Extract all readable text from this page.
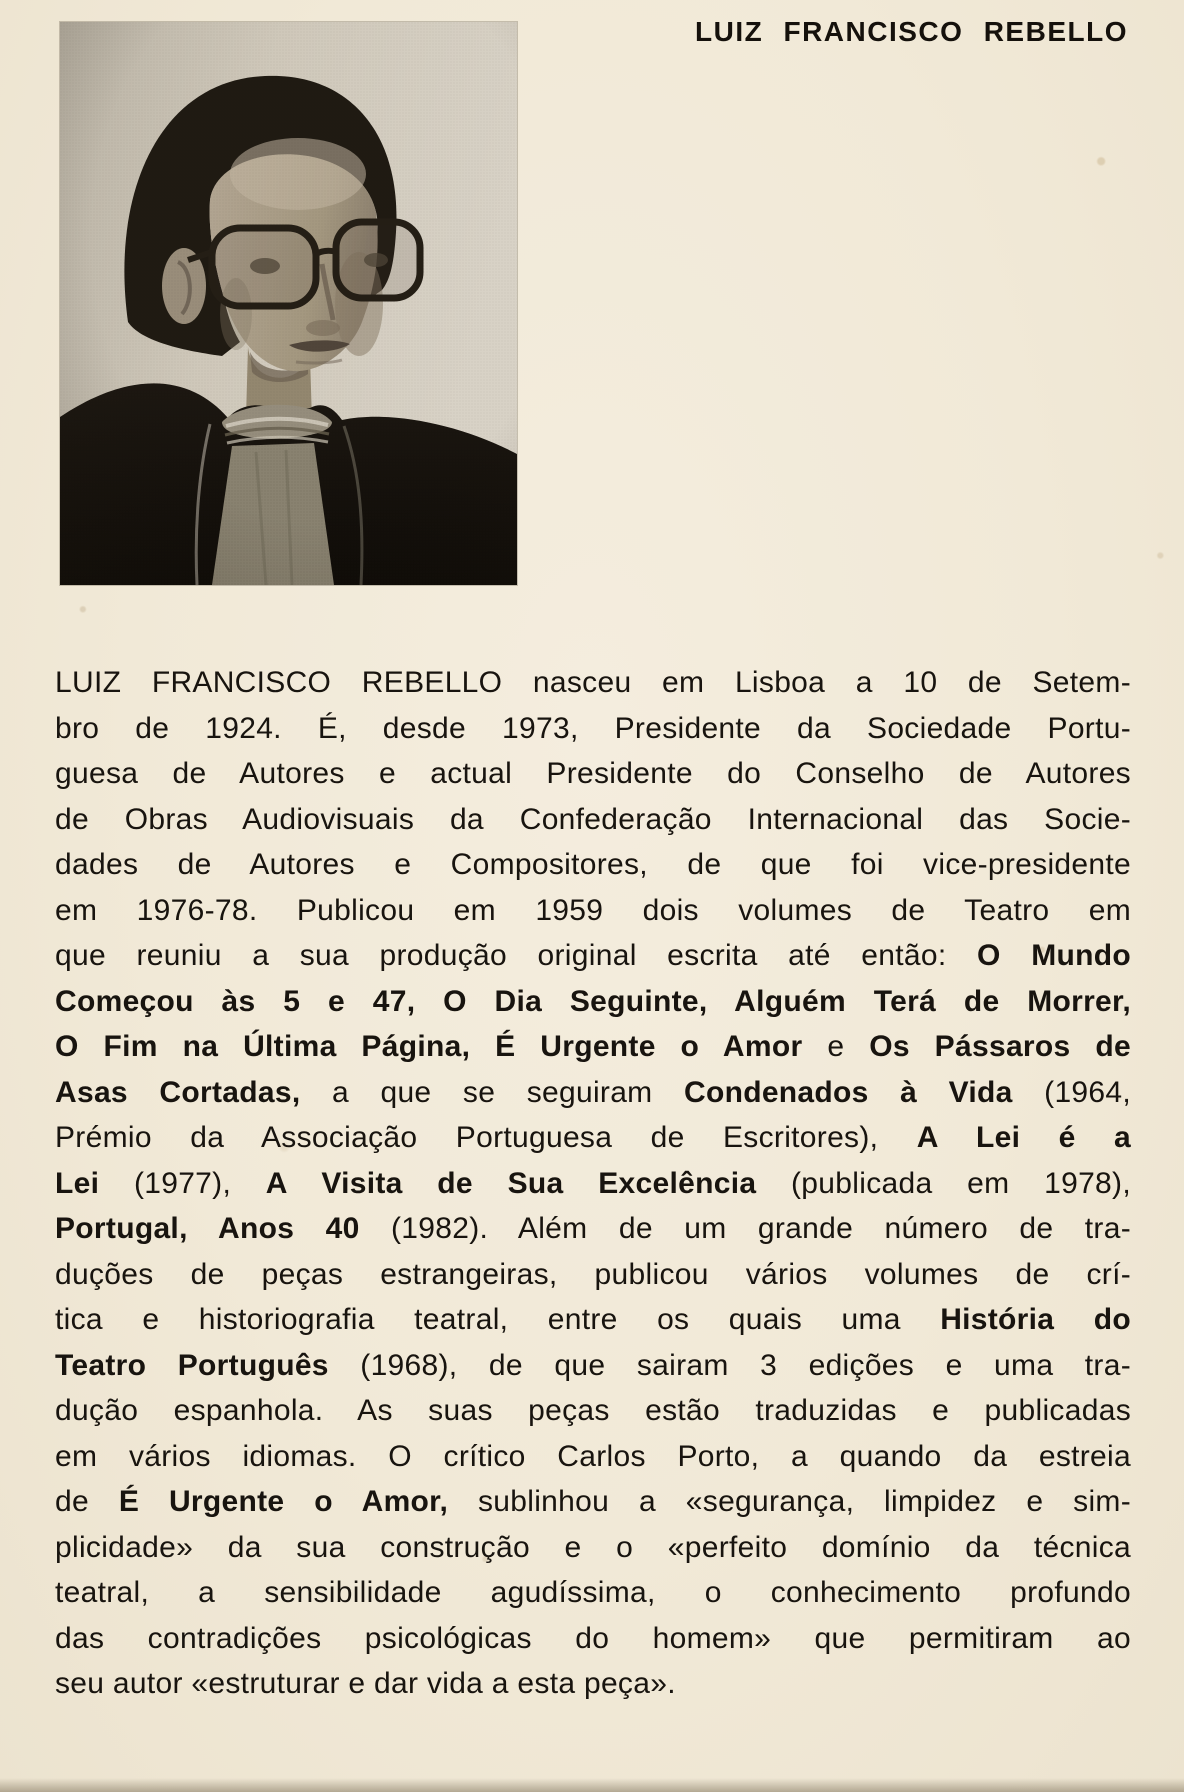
LUIZ FRANCISCO REBELLO
LUIZ FRANCISCO REBELLO nasceu em Lisboa a 10 de Setem-
bro de 1924. É, desde 1973, Presidente da Sociedade Portu-
guesa de Autores e actual Presidente do Conselho de Autores
de Obras Audiovisuais da Confederação Internacional das Socie-
dades de Autores e Compositores, de que foi vice-presidente
em 1976-78. Publicou em 1959 dois volumes de Teatro em
que reuniu a sua produção original escrita até então: O Mundo
Começou às 5 e 47, O Dia Seguinte, Alguém Terá de Morrer,
O Fim na Última Página, É Urgente o Amor e Os Pássaros de
Asas Cortadas, a que se seguiram Condenados à Vida (1964,
Prémio da Associação Portuguesa de Escritores), A Lei é a
Lei (1977), A Visita de Sua Excelência (publicada em 1978),
Portugal, Anos 40 (1982). Além de um grande número de tra-
duções de peças estrangeiras, publicou vários volumes de crí-
tica e historiografia teatral, entre os quais uma História do
Teatro Português (1968), de que sairam 3 edições e uma tra-
dução espanhola. As suas peças estão traduzidas e publicadas
em vários idiomas. O crítico Carlos Porto, a quando da estreia
de É Urgente o Amor, sublinhou a «segurança, limpidez e sim-
plicidade» da sua construção e o «perfeito domínio da técnica
teatral, a sensibilidade agudíssima, o conhecimento profundo
das contradições psicológicas do homem» que permitiram ao
seu autor «estruturar e dar vida a esta peça».
